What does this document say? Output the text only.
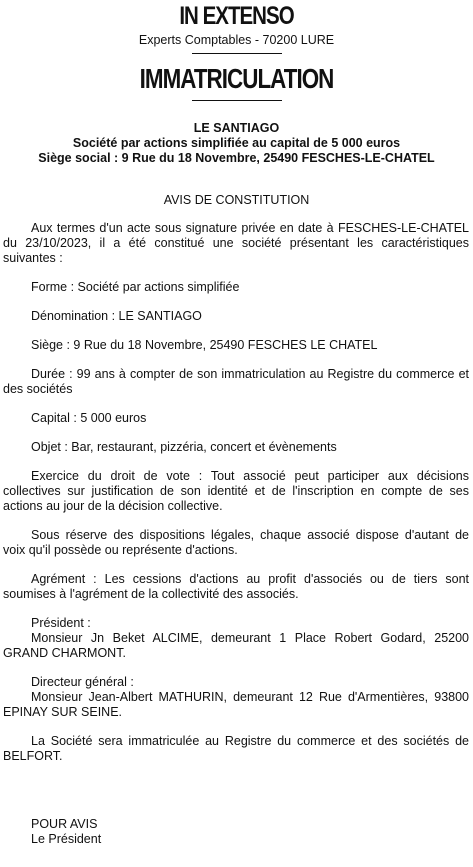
IN EXTENSO
Experts Comptables - 70200 LURE
IMMATRICULATION
LE SANTIAGO
Société par actions simplifiée au capital de 5 000 euros
Siège social : 9 Rue du 18 Novembre, 25490 FESCHES-LE-CHATEL
AVIS DE CONSTITUTION

Aux termes d'un acte sous signature privée en date à FESCHES-LE-CHATEL du 23/10/2023, il a été constitué une société présentant les caractéristiques suivantes :

Forme : Société par actions simplifiée

Dénomination : LE SANTIAGO

Siège : 9 Rue du 18 Novembre, 25490 FESCHES LE CHATEL

Durée : 99 ans à compter de son immatriculation au Registre du commerce et des sociétés

Capital : 5 000 euros

Objet : Bar, restaurant, pizzéria, concert et évènements

Exercice du droit de vote : Tout associé peut participer aux décisions collectives sur justification de son identité et de l'inscription en compte de ses actions au jour de la décision collective.

Sous réserve des dispositions légales, chaque associé dispose d'autant de voix qu'il possède ou représente d'actions.

Agrément : Les cessions d'actions au profit d'associés ou de tiers sont soumises à l'agrément de la collectivité des associés.

Président :

Monsieur Jn Beket ALCIME, demeurant 1 Place Robert Godard, 25200 GRAND CHARMONT.

Directeur général :

Monsieur Jean-Albert MATHURIN, demeurant 12 Rue d'Armentières, 93800 EPINAY SUR SEINE.

La Société sera immatriculée au Registre du commerce et des sociétés de BELFORT.

POUR AVIS

Le Président
